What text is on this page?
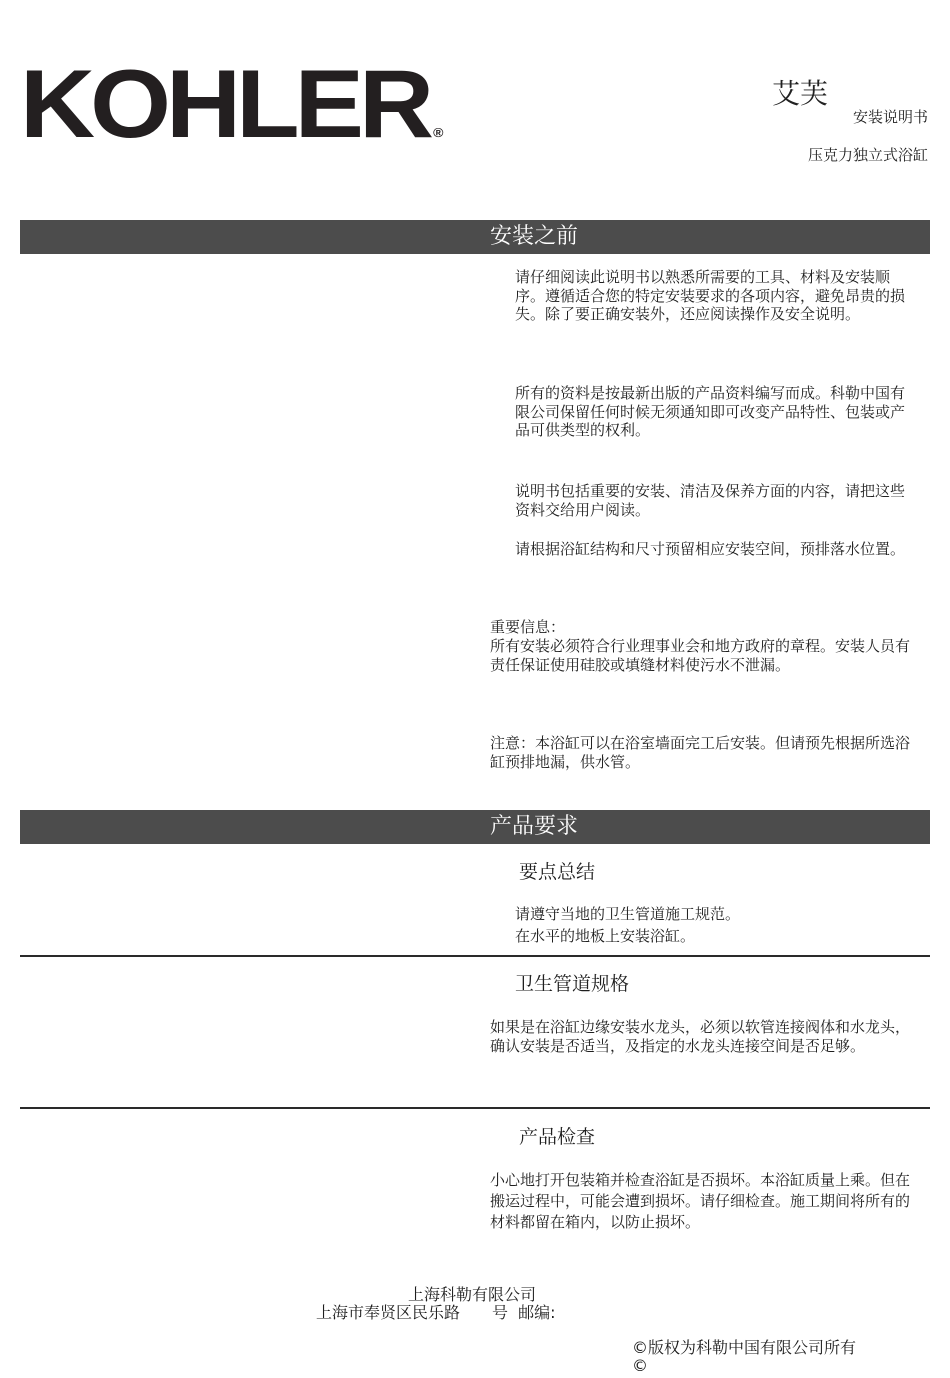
KOHLER ®
艾芙
安装说明书
压克力独立式浴缸
安装之前
请仔细阅读此说明书以熟悉所需要的工具、材料及安装顺序。遵循适合您的特定安装要求的各项内容，避免昂贵的损失。除了要正确安装外，还应阅读操作及安全说明。
所有的资料是按最新出版的产品资料编写而成。科勒中国有限公司保留任何时候无须通知即可改变产品特性、包装或产品可供类型的权利。
说明书包括重要的安装、清洁及保养方面的内容，请把这些资料交给用户阅读。
请根据浴缸结构和尺寸预留相应安装空间，预排落水位置。
重要信息：
所有安装必须符合行业理事业会和地方政府的章程。安装人员有责任保证使用硅胶或填缝材料使污水不泄漏。
注意：本浴缸可以在浴室墙面完工后安装。但请预先根据所选浴缸预排地漏，供水管。
产品要求
要点总结
请遵守当地的卫生管道施工规范。
在水平的地板上安装浴缸。
卫生管道规格
如果是在浴缸边缘安装水龙头，必须以软管连接阀体和水龙头，确认安装是否适当，及指定的水龙头连接空间是否足够。
产品检查
小心地打开包装箱并检查浴缸是否损坏。本浴缸质量上乘。但在搬运过程中，可能会遭到损坏。请仔细检查。施工期间将所有的材料都留在箱内，以防止损坏。
上海科勒有限公司
上海市奉贤区民乐路　　号  邮编:
©版权为科勒中国有限公司所有
©
